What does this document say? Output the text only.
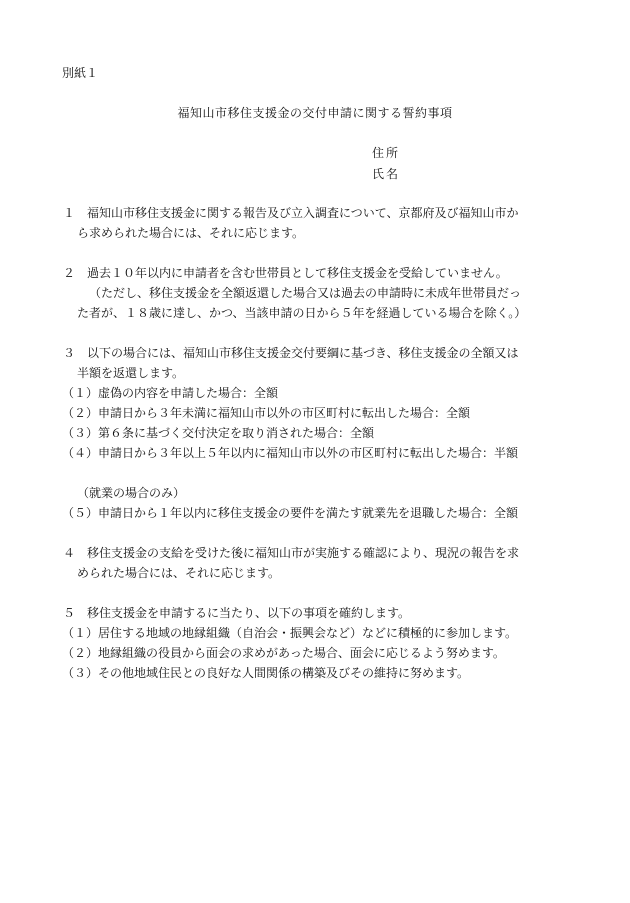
別紙１
福知山市移住支援金の交付申請に関する誓約事項
住所
氏名
１　福知山市移住支援金に関する報告及び立入調査について、京都府及び福知山市か
ら求められた場合には、それに応じます。
２　過去１０年以内に申請者を含む世帯員として移住支援金を受給していません。
（ただし、移住支援金を全額返還した場合又は過去の申請時に未成年世帯員だっ
た者が、１８歳に達し、かつ、当該申請の日から５年を経過している場合を除く。）
３　以下の場合には、福知山市移住支援金交付要綱に基づき、移住支援金の全額又は
半額を返還します。
（１）虚偽の内容を申請した場合：全額
（２）申請日から３年未満に福知山市以外の市区町村に転出した場合：全額
（３）第６条に基づく交付決定を取り消された場合：全額
（４）申請日から３年以上５年以内に福知山市以外の市区町村に転出した場合：半額
（就業の場合のみ）
（５）申請日から１年以内に移住支援金の要件を満たす就業先を退職した場合：全額
４　移住支援金の支給を受けた後に福知山市が実施する確認により、現況の報告を求
められた場合には、それに応じます。
５　移住支援金を申請するに当たり、以下の事項を確約します。
（１）居住する地域の地縁組織（自治会・振興会など）などに積極的に参加します。
（２）地縁組織の役員から面会の求めがあった場合、面会に応じるよう努めます。
（３）その他地域住民との良好な人間関係の構築及びその維持に努めます。
